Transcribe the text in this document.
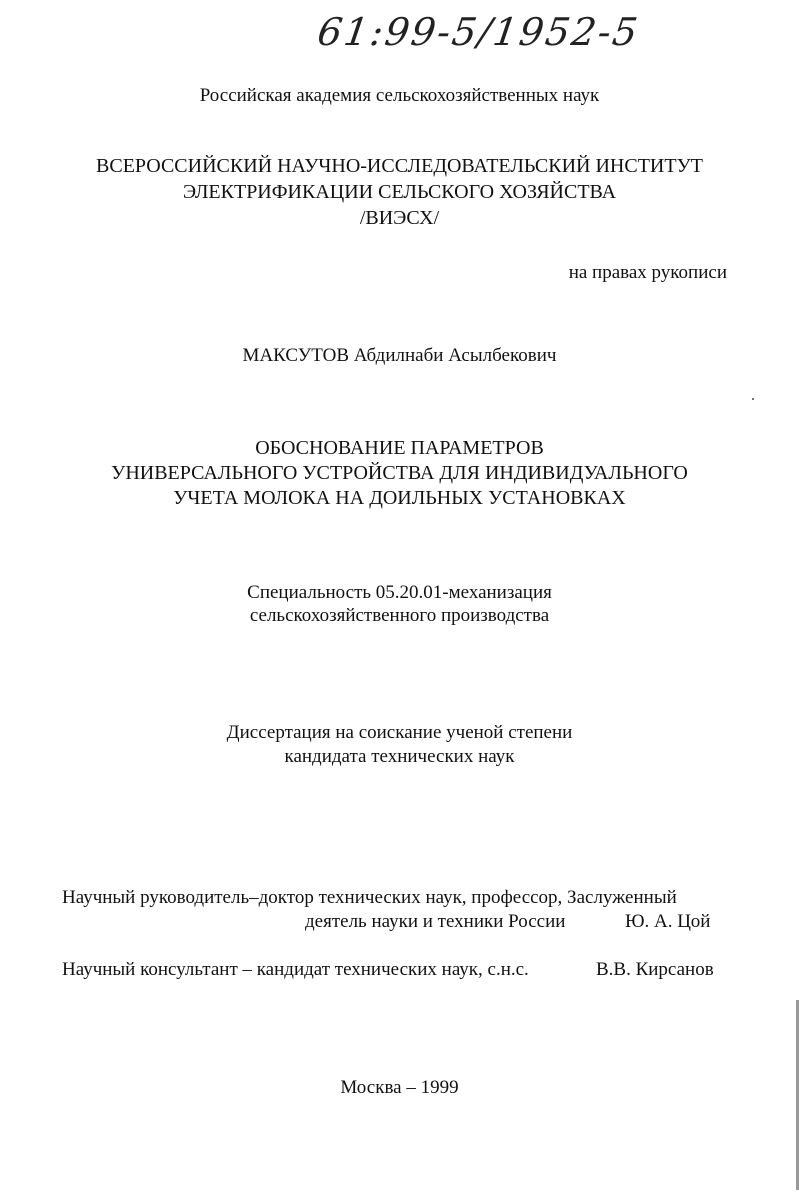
61:99-5/1952-5
Российская академия сельскохозяйственных наук
ВСЕРОССИЙСКИЙ НАУЧНО-ИССЛЕДОВАТЕЛЬСКИЙ ИНСТИТУТ
ЭЛЕКТРИФИКАЦИИ СЕЛЬСКОГО ХОЗЯЙСТВА
/ВИЭСХ/
на правах рукописи
МАКСУТОВ Абдилнаби Асылбекович
ОБОСНОВАНИЕ ПАРАМЕТРОВ
УНИВЕРСАЛЬНОГО УСТРОЙСТВА ДЛЯ ИНДИВИДУАЛЬНОГО
УЧЕТА МОЛОКА НА ДОИЛЬНЫХ УСТАНОВКАХ
Специальность 05.20.01-механизация
сельскохозяйственного производства
Диссертация на соискание ученой степени
кандидата технических наук
Научный руководитель–доктор технических наук, профессор, Заслуженный
деятель науки и техники России	Ю. А. Цой
Научный консультант – кандидат технических наук, с.н.с.	В.В. Кирсанов
Москва – 1999
